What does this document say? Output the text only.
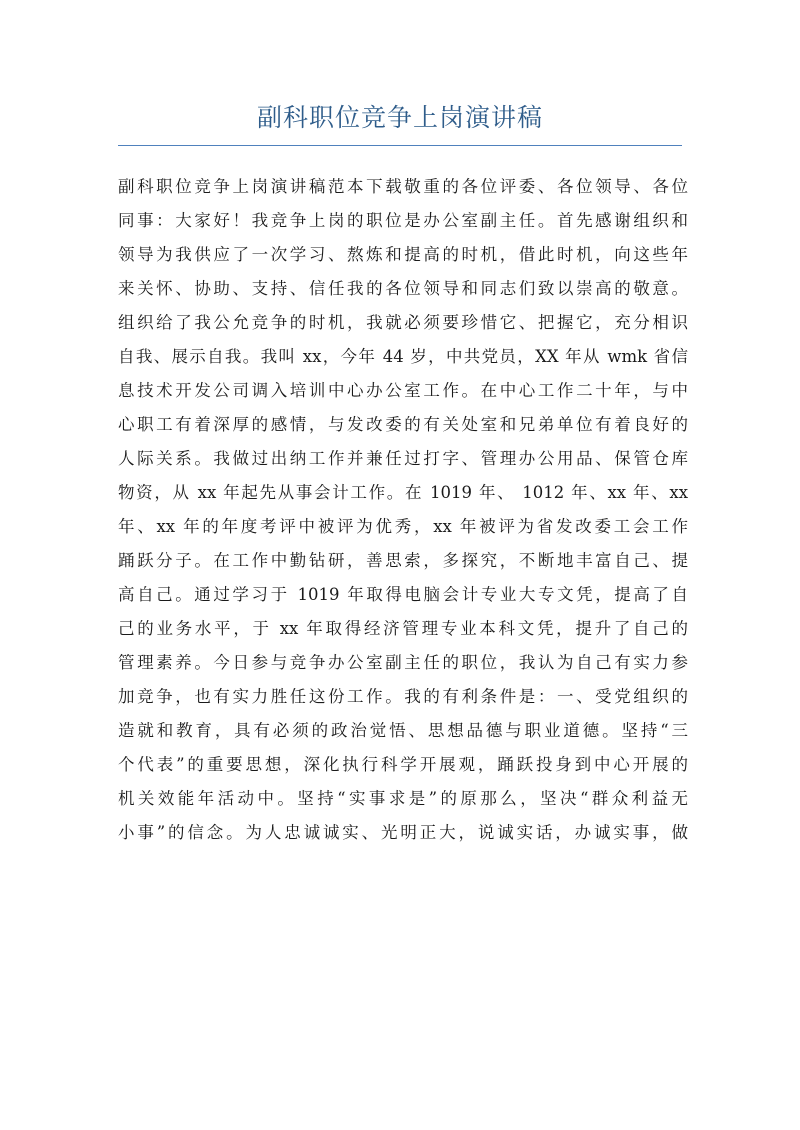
副科职位竞争上岗演讲稿
副科职位竞争上岗演讲稿范本下载敬重的各位评委、各位领导、各位
同事：大家好！我竞争上岗的职位是办公室副主任。首先感谢组织和
领导为我供应了一次学习、熬炼和提高的时机，借此时机，向这些年
来关怀、协助、支持、信任我的各位领导和同志们致以崇高的敬意。
组织给了我公允竞争的时机，我就必须要珍惜它、把握它，充分相识
自我、展示自我。我叫 xx，今年 44 岁，中共党员，XX 年从 wmk 省信
息技术开发公司调入培训中心办公室工作。在中心工作二十年，与中
心职工有着深厚的感情，与发改委的有关处室和兄弟单位有着良好的
人际关系。我做过出纳工作并兼任过打字、管理办公用品、保管仓库
物资，从 xx 年起先从事会计工作。在 1019 年、 1012 年、xx 年、xx
年、xx 年的年度考评中被评为优秀，xx 年被评为省发改委工会工作
踊跃分子。在工作中勤钻研，善思索，多探究，不断地丰富自己、提
高自己。通过学习于 1019 年取得电脑会计专业大专文凭，提高了自
己的业务水平，于 xx 年取得经济管理专业本科文凭，提升了自己的
管理素养。今日参与竞争办公室副主任的职位，我认为自己有实力参
加竞争，也有实力胜任这份工作。我的有利条件是：一、受党组织的
造就和教育，具有必须的政治觉悟、思想品德与职业道德。坚持“三
个代表”的重要思想，深化执行科学开展观，踊跃投身到中心开展的
机关效能年活动中。坚持“实事求是”的原那么，坚决“群众利益无
小事”的信念。为人忠诚诚实、光明正大，说诚实话，办诚实事，做
